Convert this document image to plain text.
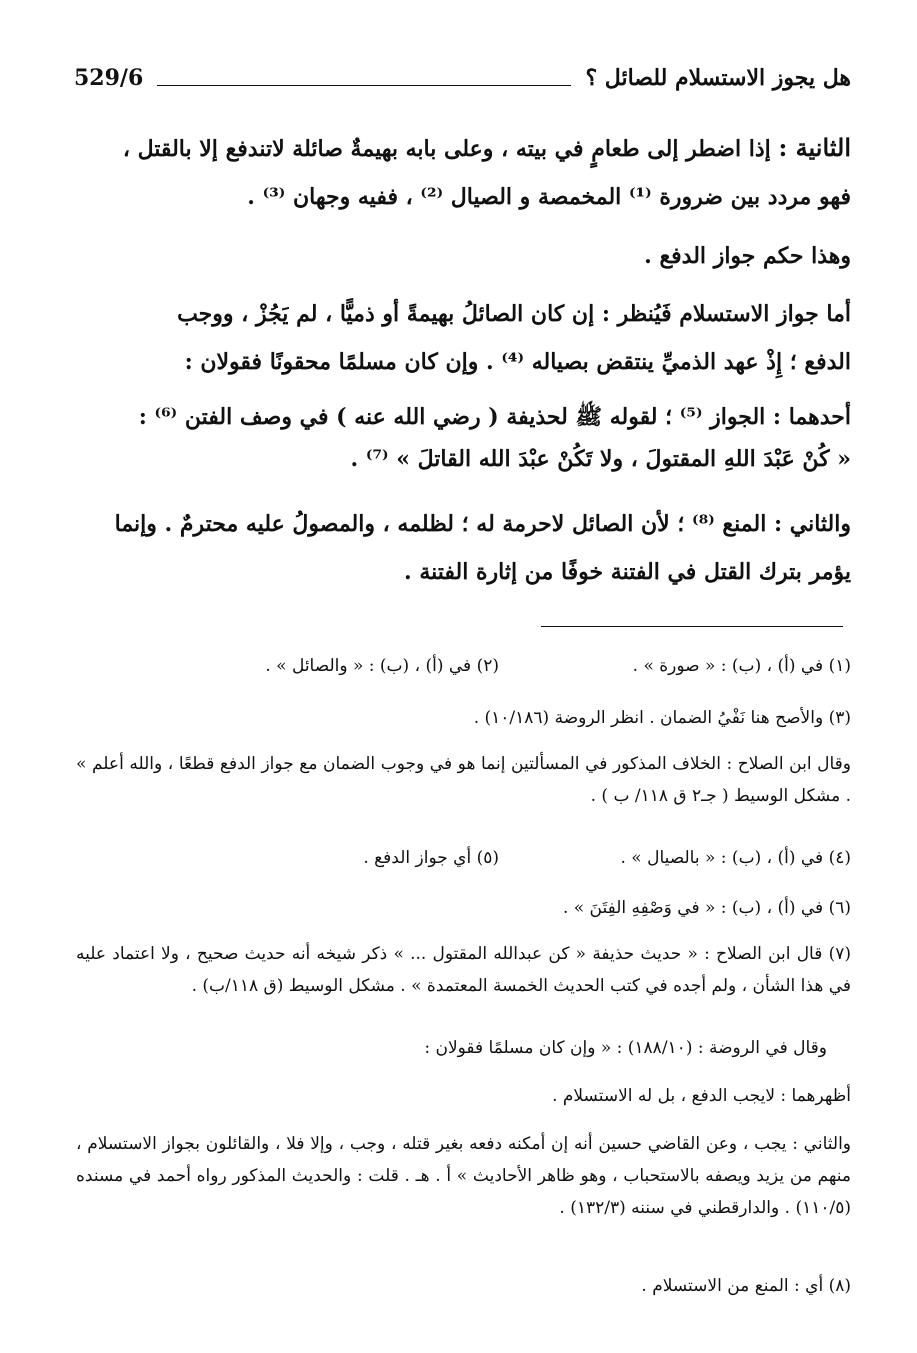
هل يجوز الاستسلام للصائل ؟
529/6

الثانية : إذا اضطر إلى طعامٍ في بيته ، وعلى بابه بهيمةٌ صائلة لاتندفع إلا بالقتل ،

فهو مردد بين ضرورة ⁽¹⁾ المخمصة و الصيال ⁽²⁾ ، ففيه وجهان ⁽³⁾ .

وهذا حكم جواز الدفع .

أما جواز الاستسلام فَيُنظر : إن كان الصائلُ بهيمةً أو ذميًّا ، لم يَجُزْ ، ووجب

الدفع ؛ إِذْ عهد الذميِّ ينتقض بصياله ⁽⁴⁾ . وإن كان مسلمًا محقونًا فقولان :

أحدهما : الجواز ⁽⁵⁾ ؛ لقوله ﷺ لحذيفة ( رضي الله عنه ) في وصف الفتن ⁽⁶⁾ :

« كُنْ عَبْدَ اللهِ المقتولَ ، ولا تَكُنْ عبْدَ الله القاتلَ » ⁽⁷⁾ .

والثاني : المنع ⁽⁸⁾ ؛ لأن الصائل لاحرمة له ؛ لظلمه ، والمصولُ عليه محترمٌ . وإنما

يؤمر بترك القتل في الفتنة خوفًا من إثارة الفتنة .

(١) في (أ) ، (ب) : « صورة » .
(٢) في (أ) ، (ب) : « والصائل » .

(٣) والأصح هنا نَفْيُ الضمان . انظر الروضة (١٠/١٨٦) .

وقال ابن الصلاح : الخلاف المذكور في المسألتين إنما هو في وجوب الضمان مع جواز الدفع قطعًا ، والله أعلم » . مشكل الوسيط ( جـ٢ ق ١١٨/ ب ) .

(٤) في (أ) ، (ب) : « بالصيال » .
(٥) أي جواز الدفع .

(٦) في (أ) ، (ب) : « في وَصْفِهِ الفِتَنَ » .

(٧) قال ابن الصلاح : « حديث حذيفة « كن عبدالله المقتول ... » ذكر شيخه أنه حديث صحيح ، ولا اعتماد عليه في هذا الشأن ، ولم أجده في كتب الحديث الخمسة المعتمدة » . مشكل الوسيط (ق ١١٨/ب) .

وقال في الروضة : (١٨٨/١٠) : « وإن كان مسلمًا فقولان :

أظهرهما : لايجب الدفع ، بل له الاستسلام .

والثاني : يجب ، وعن القاضي حسين أنه إن أمكنه دفعه بغير قتله ، وجب ، وإلا فلا ، والقائلون بجواز الاستسلام ، منهم من يزيد ويصفه بالاستحباب ، وهو ظاهر الأحاديث » أ . هـ . قلت : والحديث المذكور رواه أحمد في مسنده (١١٠/٥) . والدارقطني في سننه (١٣٢/٣) .

(٨) أي : المنع من الاستسلام .
